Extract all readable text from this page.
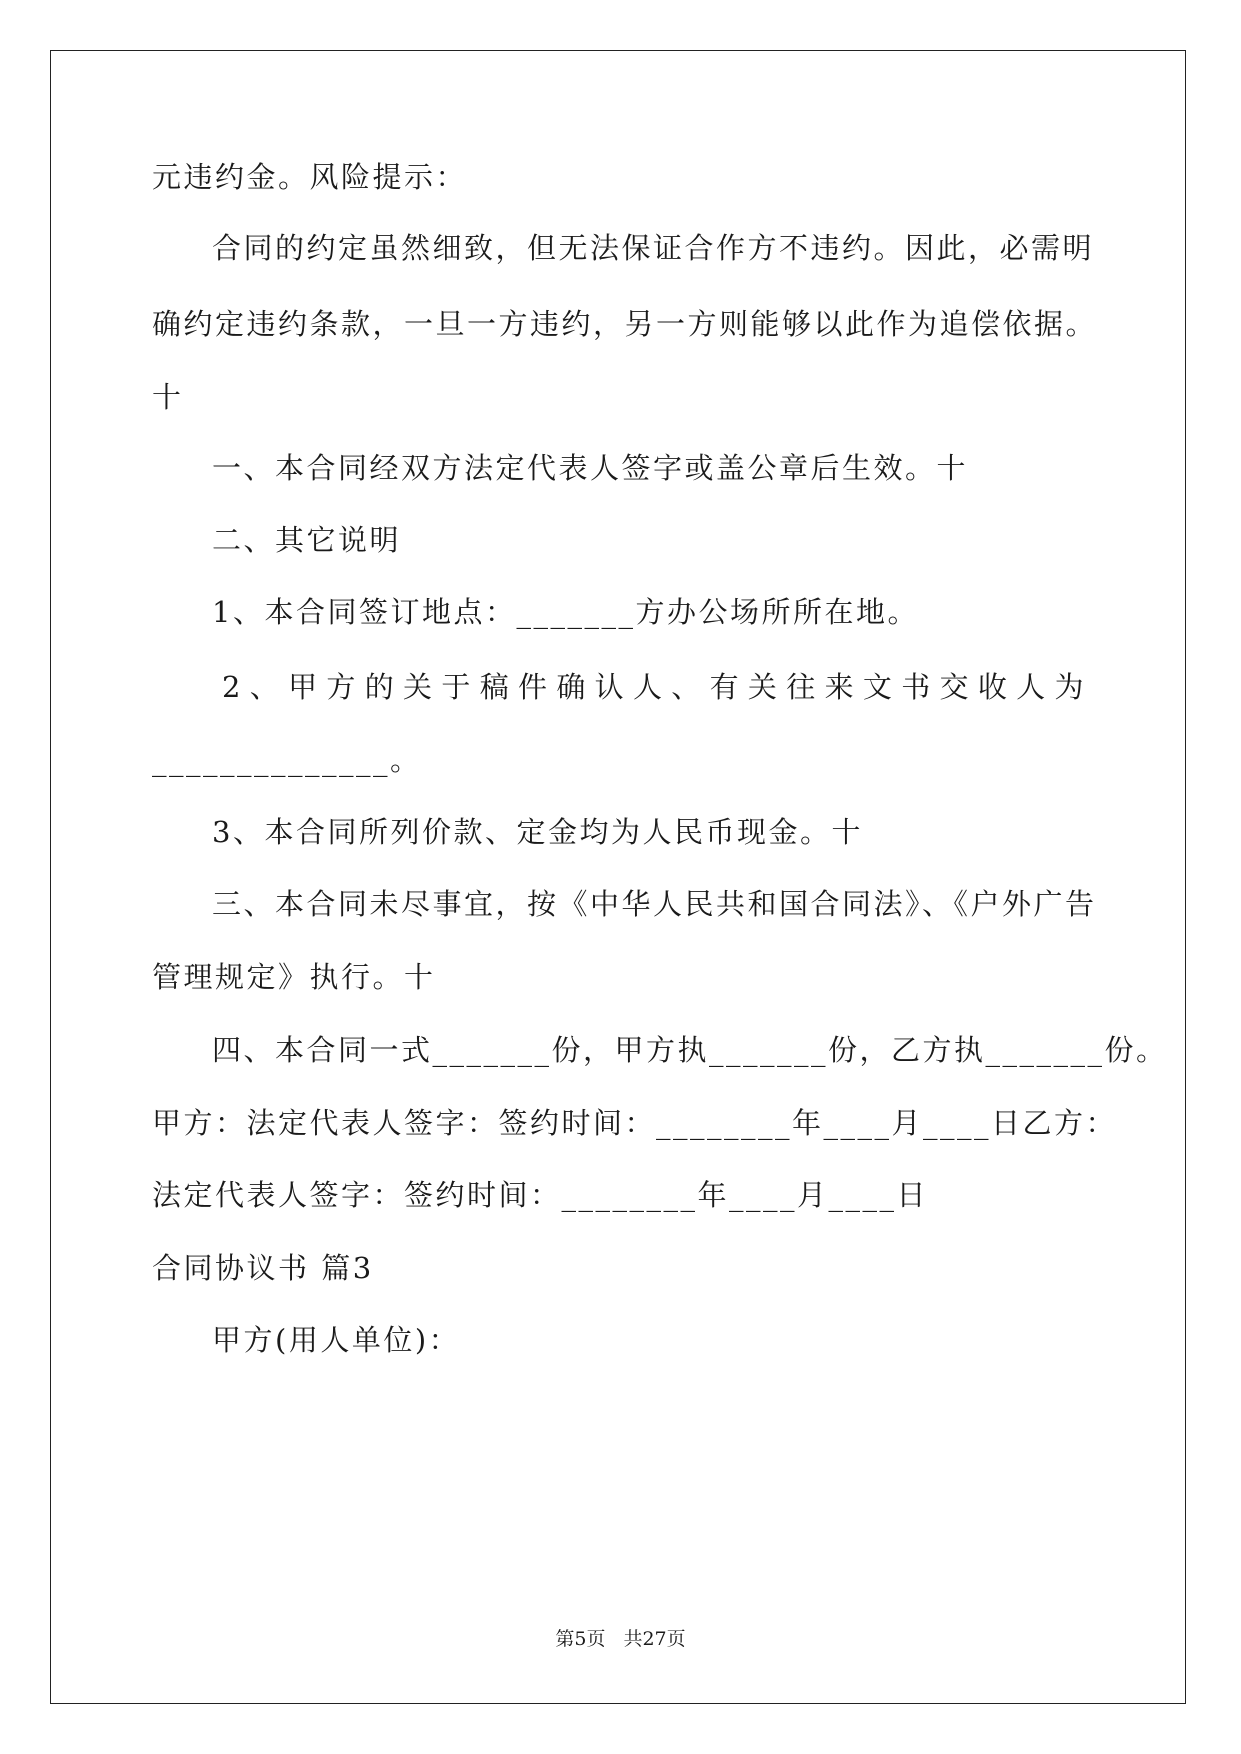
元违约金。风险提示：
合同的约定虽然细致，但无法保证合作方不违约。因此，必需明
确约定违约条款，一旦一方违约，另一方则能够以此作为追偿依据。
十
一、本合同经双方法定代表人签字或盖公章后生效。十
二、其它说明
1、本合同签订地点：_______方办公场所所在地。
2、甲方的关于稿件确认人、有关往来文书交收人为
______________。
3、本合同所列价款、定金均为人民币现金。十
三、本合同未尽事宜，按《中华人民共和国合同法》、《户外广告
管理规定》执行。十
四、本合同一式_______份，甲方执_______份，乙方执_______份。
甲方：法定代表人签字：签约时间：________年____月____日乙方：
法定代表人签字：签约时间：________年____月____日
合同协议书 篇3
甲方(用人单位)：
第5页 共27页
